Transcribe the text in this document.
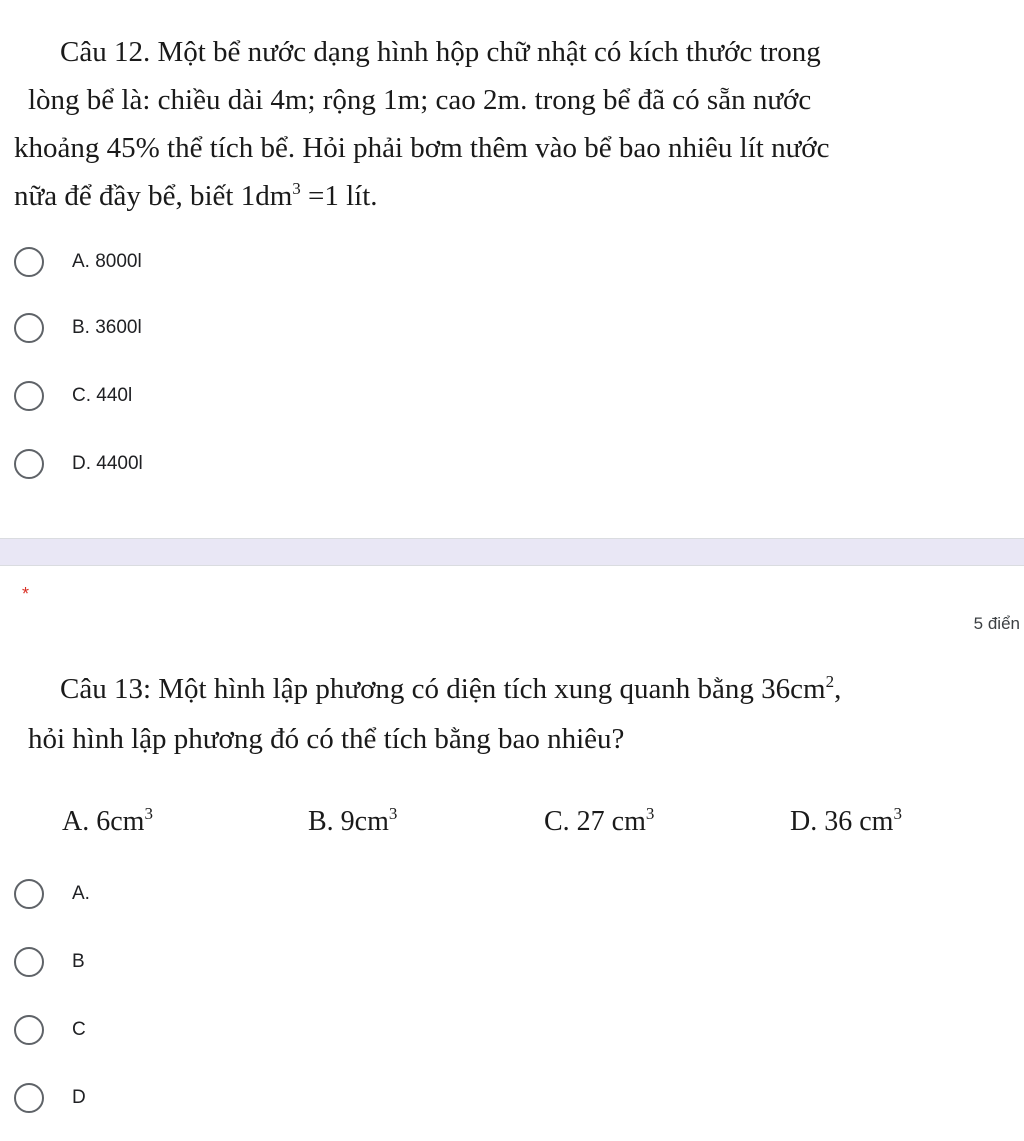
Câu 12. Một bể nước dạng hình hộp chữ nhật có kích thước trong
lòng bể là: chiều dài 4m; rộng 1m; cao 2m. trong bể đã có sẵn nước
khoảng 45% thể tích bể. Hỏi phải bơm thêm vào bể bao nhiêu lít nước
nữa để đầy bể, biết $1dm^3 =1$ lít.
A. 8000l
B. 3600l
C. 440l
D. 4400l
*
5 điển
Câu 13: Một hình lập phương có diện tích xung quanh bằng $36cm^2$,
hỏi hình lập phương đó có thể tích bằng bao nhiêu?
A. $6cm^3$	B. $9cm^3$	C. 27 $cm^3$	D. 36 $cm^3$
A.
B
C
D
